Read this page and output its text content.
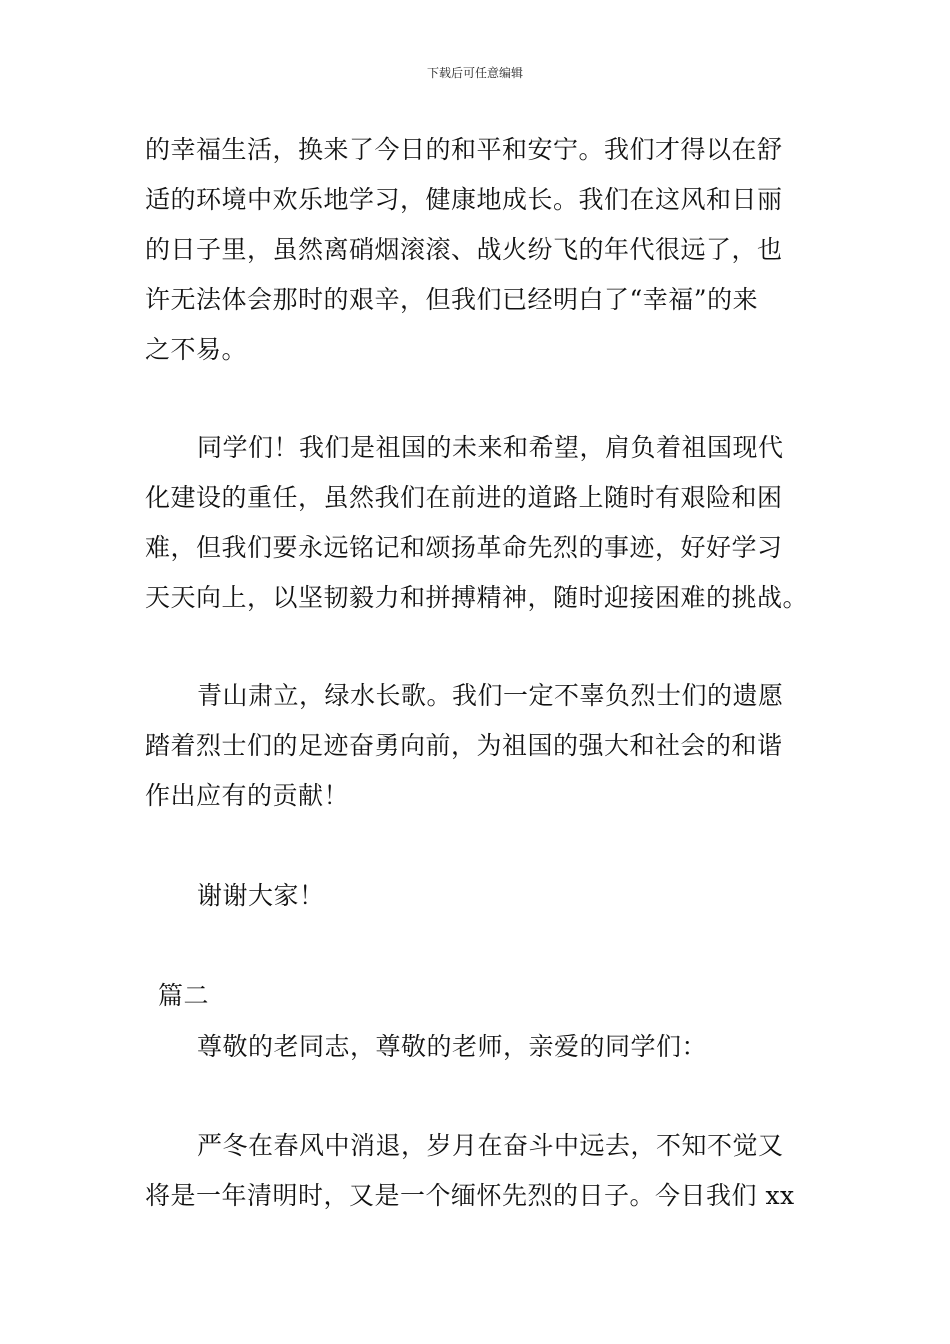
下载后可任意编辑
的幸福生活，换来了今日的和平和安宁。我们才得以在舒
适的环境中欢乐地学习，健康地成长。我们在这风和日丽
的日子里，虽然离硝烟滚滚、战火纷飞的年代很远了，也
许无法体会那时的艰辛，但我们已经明白了“幸福”的来
之不易。
同学们！我们是祖国的未来和希望，肩负着祖国现代
化建设的重任，虽然我们在前进的道路上随时有艰险和困
难，但我们要永远铭记和颂扬革命先烈的事迹，好好学习
天天向上，以坚韧毅力和拼搏精神，随时迎接困难的挑战。
青山肃立，绿水长歌。我们一定不辜负烈士们的遗愿
踏着烈士们的足迹奋勇向前，为祖国的强大和社会的和谐
作出应有的贡献！
谢谢大家！
篇二
尊敬的老同志，尊敬的老师，亲爱的同学们：
严冬在春风中消退，岁月在奋斗中远去，不知不觉又
将是一年清明时，又是一个缅怀先烈的日子。今日我们 xx
